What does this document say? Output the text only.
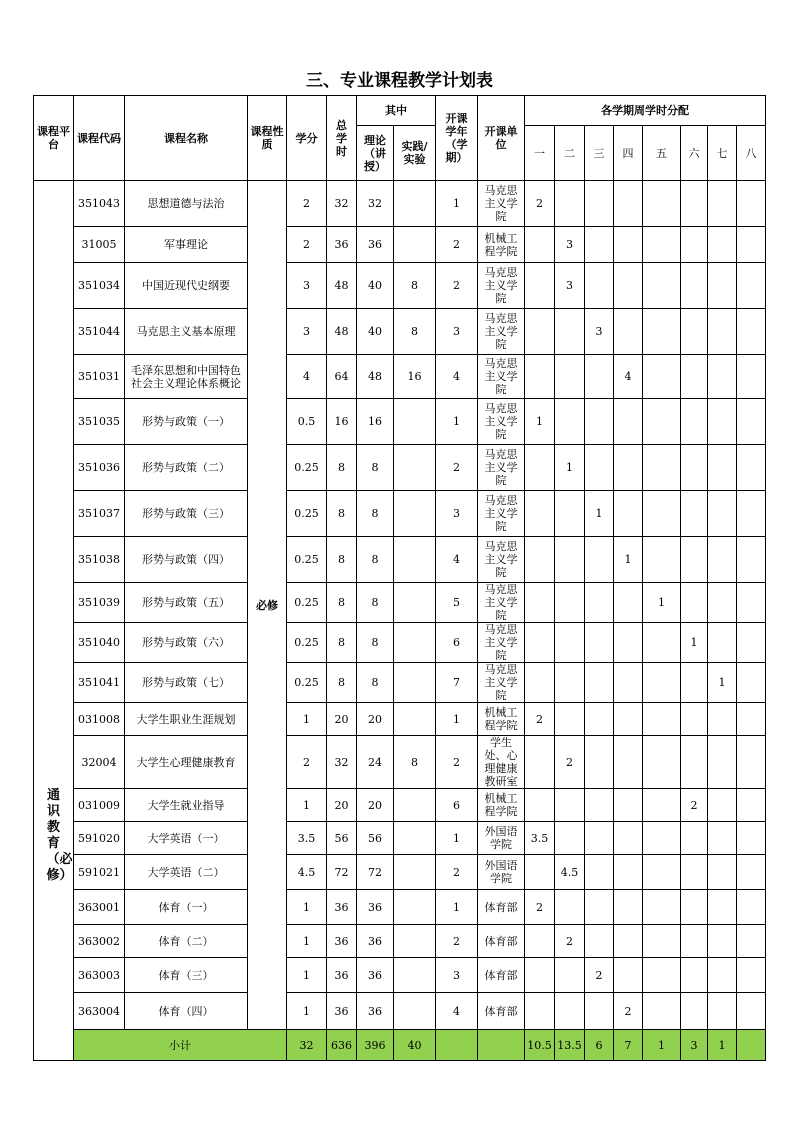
三、专业课程教学计划表
课程平台	课程代码	课程名称	课程性质	学分	总学时	其中		开课学年（学期）	开课单位	各学期周学时分配							
						理论（讲授）	实践/实验			一	二	三	四	五	六	七	八
通识教育（必修）	351043	思想道德与法治	必修	2	32	32		1	马克思主义学院	2							
	31005	军事理论		2	36	36		2	机械工程学院		3						
	351034	中国近现代史纲要		3	48	40	8	2	马克思主义学院		3						
	351044	马克思主义基本原理		3	48	40	8	3	马克思主义学院			3					
	351031	毛泽东思想和中国特色社会主义理论体系概论		4	64	48	16	4	马克思主义学院				4				
	351035	形势与政策（一）		0.5	16	16		1	马克思主义学院	1							
	351036	形势与政策（二）		0.25	8	8		2	马克思主义学院		1						
	351037	形势与政策（三）		0.25	8	8		3	马克思主义学院			1					
	351038	形势与政策（四）		0.25	8	8		4	马克思主义学院				1				
	351039	形势与政策（五）		0.25	8	8		5	马克思主义学院					1			
	351040	形势与政策（六）		0.25	8	8		6	马克思主义学院						1		
	351041	形势与政策（七）		0.25	8	8		7	马克思主义学院							1	
	031008	大学生职业生涯规划		1	20	20		1	机械工程学院	2							
	32004	大学生心理健康教育		2	32	24	8	2	学生处、心理健康教研室		2						
	031009	大学生就业指导		1	20	20		6	机械工程学院						2		
	591020	大学英语（一）		3.5	56	56		1	外国语学院	3.5							
	591021	大学英语（二）		4.5	72	72		2	外国语学院		4.5						
	363001	体育（一）		1	36	36		1	体育部	2							
	363002	体育（二）		1	36	36		2	体育部		2						
	363003	体育（三）		1	36	36		3	体育部			2					
	363004	体育（四）		1	36	36		4	体育部				2				
	小计			32	636	396	40			10.5	13.5	6	7	1	3	1	
